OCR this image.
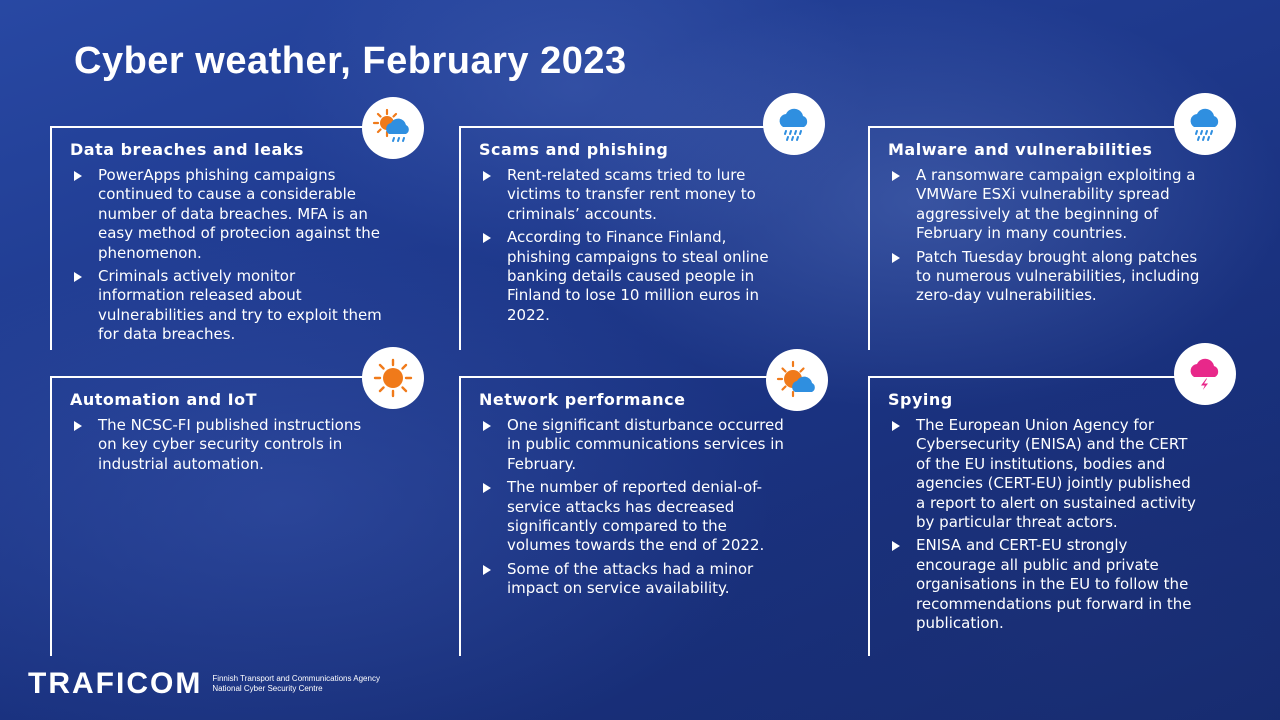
Cyber weather, February 2023
Data breaches and leaks
PowerApps phishing campaigns continued to cause a considerable number of data breaches. MFA is an easy method of protecion against the phenomenon.
Criminals actively monitor information released about vulnerabilities and try to exploit them for data breaches.
Scams and phishing
Rent-related scams tried to lure victims to transfer rent money to criminals’ accounts.
According to Finance Finland, phishing campaigns to steal online banking details caused people in Finland to lose 10 million euros in 2022.
Malware and vulnerabilities
A ransomware campaign exploiting a VMWare ESXi vulnerability spread aggressively at the beginning of February in many countries.
Patch Tuesday brought along patches to numerous vulnerabilities, including zero-day vulnerabilities.
Automation and IoT
The NCSC-FI published instructions on key cyber security controls in industrial automation.
Network performance
One significant disturbance occurred in public communications services in February.
The number of reported denial-of-service attacks has decreased significantly compared to the volumes towards the end of 2022.
Some of the attacks had a minor impact on service availability.
Spying
The European Union Agency for Cybersecurity (ENISA) and the CERT of the EU institutions, bodies and agencies (CERT-EU) jointly published a report to alert on sustained activity by particular threat actors.
ENISA and CERT-EU strongly encourage all public and private organisations in the EU to follow the recommendations put forward in the publication.
TRAFICOM Finnish Transport and Communications Agency
National Cyber Security Centre
